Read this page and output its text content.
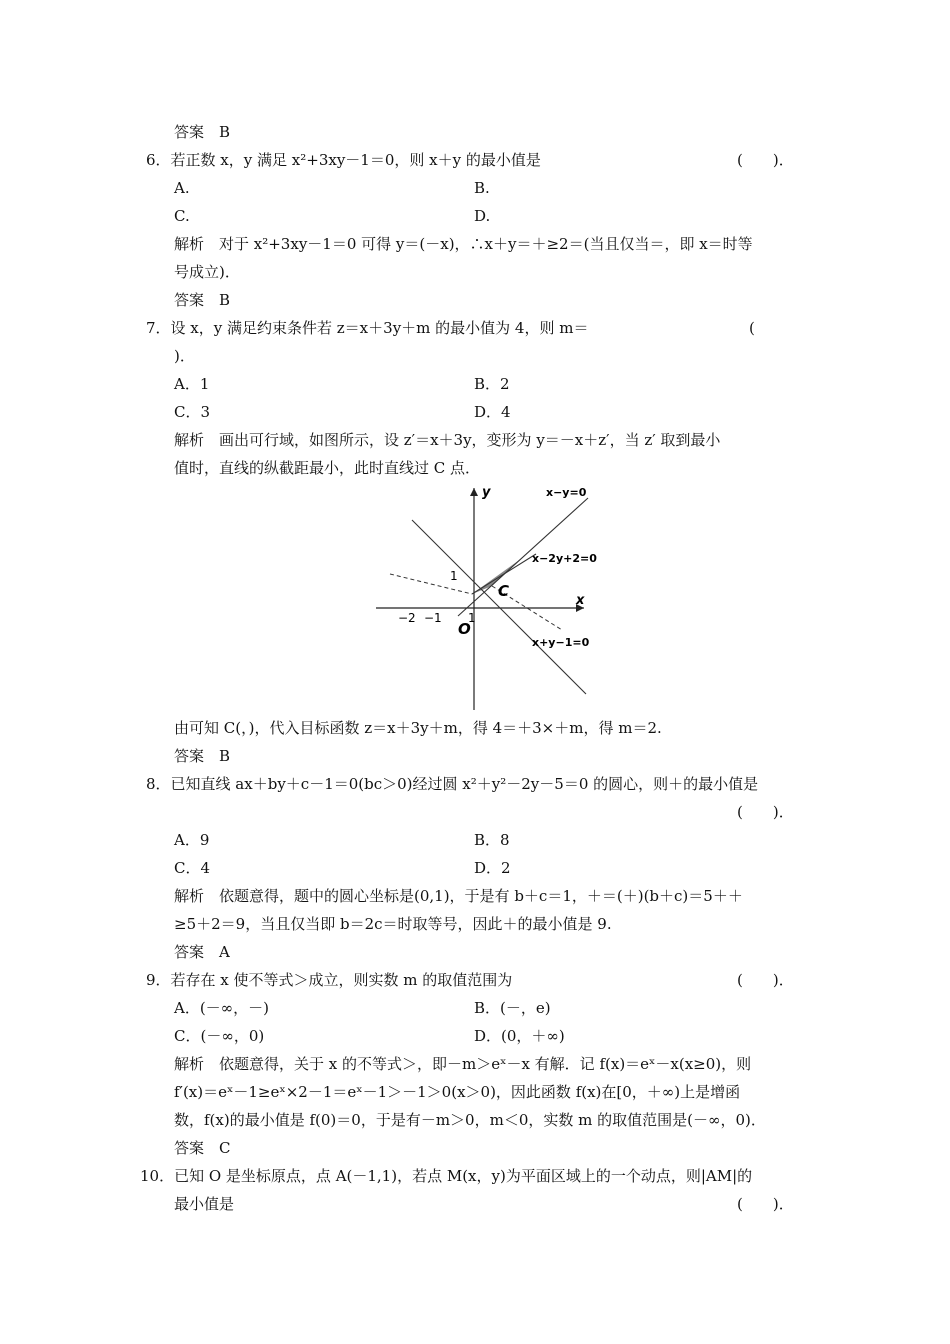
答案　B
6．若正数 x，y 满足 x²+3xy－1＝0，则 x＋y 的最小值是	(　　)．
A.	B.
C.	D.
解析　对于 x²+3xy－1＝0 可得 y＝(－x)，∴x＋y＝＋≥2＝(当且仅当＝，即 x＝时等
号成立)．
答案　B
7．设 x，y 满足约束条件若 z＝x＋3y＋m 的最小值为 4，则 m＝	(
)．
A．1	B．2
C．3	D．4
解析　画出可行域，如图所示，设 z′＝x＋3y，变形为 y＝－x＋z′，当 z′ 取到最小
值时，直线的纵截距最小，此时直线过 C 点．
y
x
O
C
1
1
−2 −1
x−y=0
x−2y+2=0
x+y−1=0
由可知 C(，)，代入目标函数 z＝x＋3y＋m，得 4＝＋3×＋m，得 m＝2.
答案　B
8．已知直线 ax＋by＋c－1＝0(bc＞0)经过圆 x²＋y²－2y－5＝0 的圆心，则＋的最小值是
(　　)．
A．9	B．8
C．4	D．2
解析　依题意得，题中的圆心坐标是(0,1)，于是有 b＋c＝1，＋＝(＋)(b＋c)＝5＋＋
≥5＋2＝9，当且仅当即 b＝2c＝时取等号，因此＋的最小值是 9.
答案　A
9．若存在 x 使不等式＞成立，则实数 m 的取值范围为	(　　)．
A．(－∞，－)	B．(－，e)
C．(－∞，0)	D．(0，＋∞)
解析　依题意得，关于 x 的不等式＞，即－m＞eˣ－x 有解．记 f(x)＝eˣ－x(x≥0)，则
f′(x)＝eˣ－1≥eˣ×2－1＝eˣ－1＞－1＞0(x＞0)，因此函数 f(x)在[0，＋∞)上是增函
数，f(x)的最小值是 f(0)＝0，于是有－m＞0，m＜0，实数 m 的取值范围是(－∞，0)．
答案　C
10．已知 O 是坐标原点，点 A(－1,1)，若点 M(x，y)为平面区域上的一个动点，则|AM|的
最小值是	(　　)．
